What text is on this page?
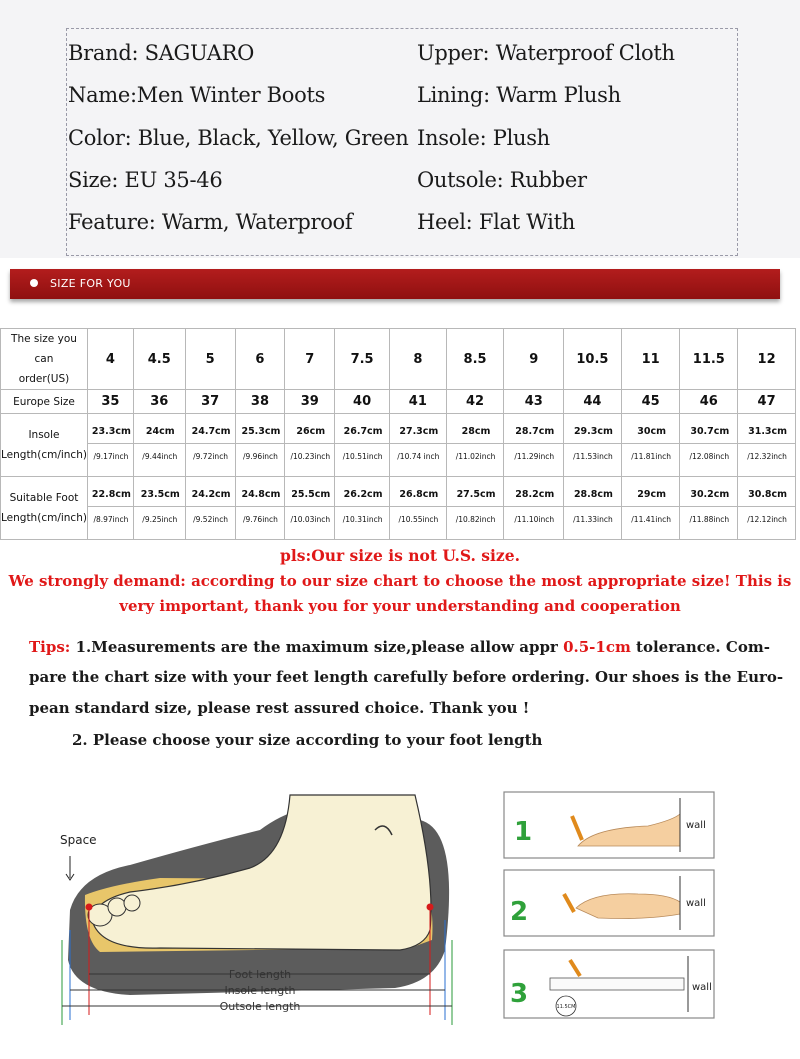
Brand: SAGUARO
Name:Men Winter Boots
Color: Blue, Black, Yellow, Green
Size: EU 35-46
Feature: Warm, Waterproof
Upper: Waterproof Cloth
Lining: Warm Plush
Insole: Plush
Outsole: Rubber
Heel: Flat With
SIZE FOR YOU
The size you can
order(US)	4	4.5	5	6	7	7.5	8	8.5	9	10.5	11	11.5	12
Europe Size	35	36	37	38	39	40	41	42	43	44	45	46	47
Insole
Length(cm/inch)	23.3cm	24cm	24.7cm	25.3cm	26cm	26.7cm	27.3cm	28cm	28.7cm	29.3cm	30cm	30.7cm	31.3cm
	/9.17inch	/9.44inch	/9.72inch	/9.96inch	/10.23inch	/10.51inch	/10.74 inch	/11.02inch	/11.29inch	/11.53inch	/11.81inch	/12.08inch	/12.32inch
Suitable Foot
Length(cm/inch)	22.8cm	23.5cm	24.2cm	24.8cm	25.5cm	26.2cm	26.8cm	27.5cm	28.2cm	28.8cm	29cm	30.2cm	30.8cm
	/8.97inch	/9.25inch	/9.52inch	/9.76inch	/10.03inch	/10.31inch	/10.55inch	/10.82inch	/11.10inch	/11.33inch	/11.41inch	/11.88inch	/12.12inch
pls:Our size is not U.S. size.
We strongly demand: according to our size chart to choose the most appropriate size! This is
very important, thank you for your understanding and cooperation
Tips: 1.Measurements are the maximum size,please allow appr 0.5-1cm tolerance. Com-
pare the chart size with your feet length carefully before ordering. Our shoes is the Euro-
pean standard size, please rest assured choice. Thank you !
2. Please choose your size according to your foot length
Space
Foot length
Insole length
Outsole length
1	wall
2	wall
3	11.5CM
wall
